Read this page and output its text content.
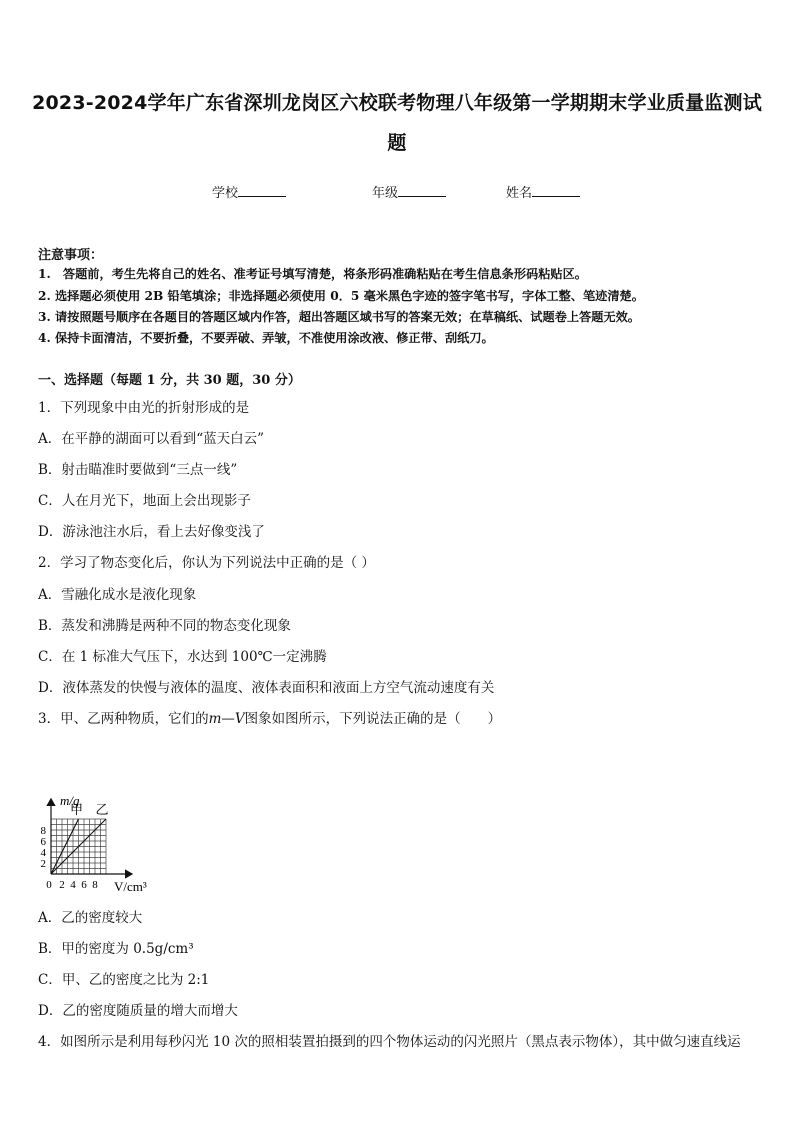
2023-2024学年广东省深圳龙岗区六校联考物理八年级第一学期期末学业质量监测试
题
学校	年级	姓名
注意事项：
1.　答题前，考生先将自己的姓名、准考证号填写清楚，将条形码准确粘贴在考生信息条形码粘贴区。
2. 选择题必须使用 2B 铅笔填涂；非选择题必须使用 0．5 毫米黑色字迹的签字笔书写，字体工整、笔迹清楚。
3. 请按照题号顺序在各题目的答题区域内作答，超出答题区域书写的答案无效；在草稿纸、试题卷上答题无效。
4. 保持卡面清洁，不要折叠，不要弄破、弄皱，不准使用涂改液、修正带、刮纸刀。
一、选择题（每题 1 分，共 30 题，30 分）
1．下列现象中由光的折射形成的是
A．在平静的湖面可以看到“蓝天白云”
B．射击瞄准时要做到“三点一线”
C．人在月光下，地面上会出现影子
D．游泳池注水后，看上去好像变浅了
2．学习了物态变化后，你认为下列说法中正确的是（ ）
A．雪融化成水是液化现象
B．蒸发和沸腾是两种不同的物态变化现象
C．在 1 标准大气压下，水达到 100℃一定沸腾
D．液体蒸发的快慢与液体的温度、液体表面积和液面上方空气流动速度有关
3．甲、乙两种物质，它们的m—V图象如图所示，下列说法正确的是（　　）
0 2 4 6 8
2
4
6
8
甲 乙
m/g
V/cm³
A．乙的密度较大
B．甲的密度为 0.5g/cm³
C．甲、乙的密度之比为 2:1
D．乙的密度随质量的增大而增大
4．如图所示是利用每秒闪光 10 次的照相装置拍摄到的四个物体运动的闪光照片（黑点表示物体），其中做匀速直线运
